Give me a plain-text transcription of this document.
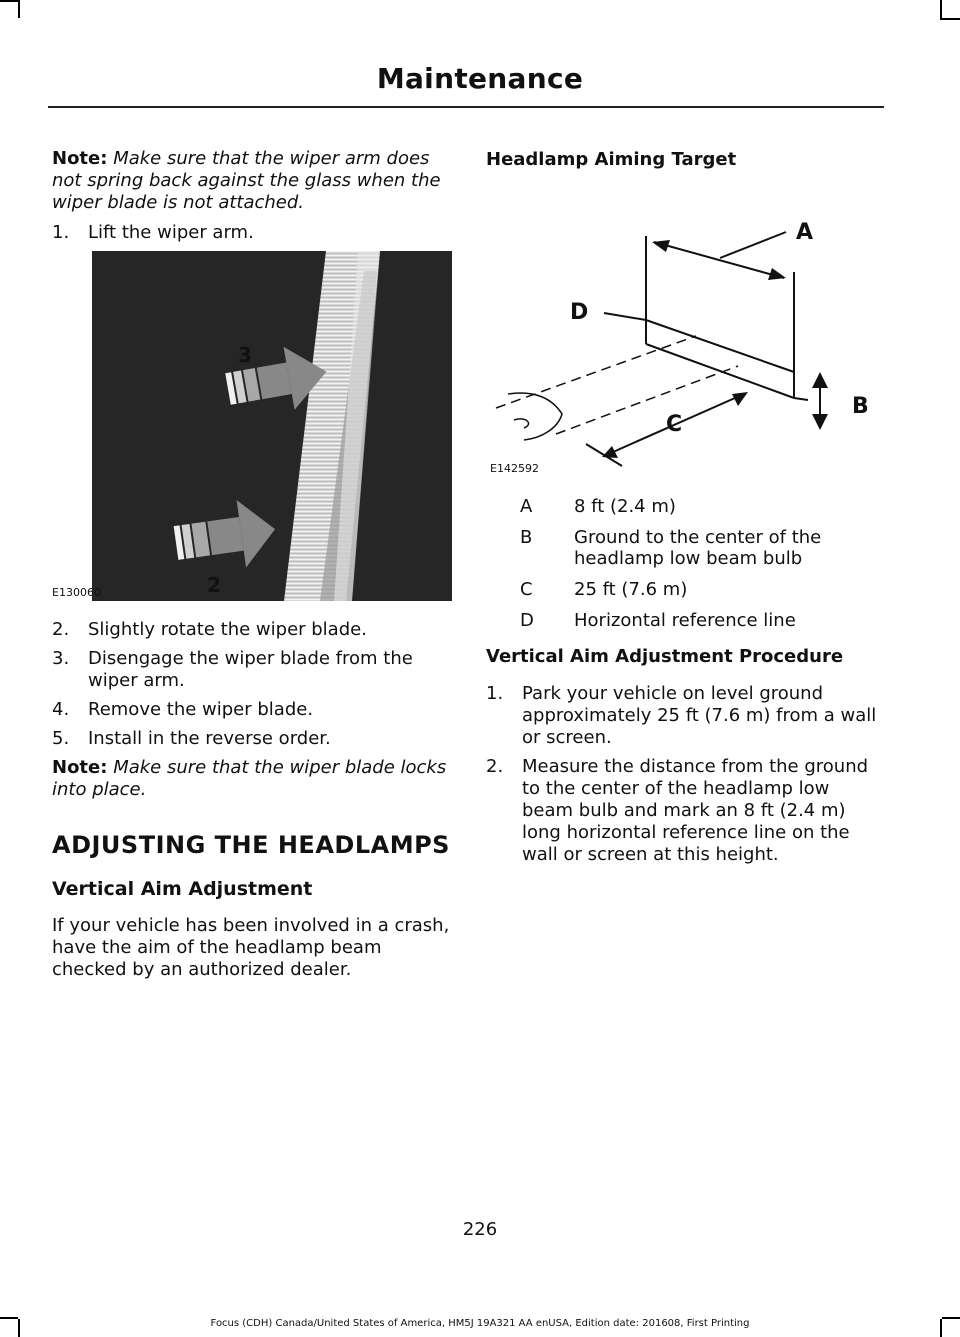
Maintenance

Note: Make sure that the wiper arm does not spring back against the glass when the wiper blade is not attached.

1. Lift the wiper arm.
3
2
E130060
2. Slightly rotate the wiper blade.
3. Disengage the wiper blade from the wiper arm.
4. Remove the wiper blade.
5. Install in the reverse order.

Note: Make sure that the wiper blade locks into place.

ADJUSTING THE HEADLAMPS
Vertical Aim Adjustment

If your vehicle has been involved in a crash, have the aim of the headlamp beam checked by an authorized dealer.

Headlamp Aiming Target
A
D
B
C
E142592
A	8 ft (2.4 m)
B	Ground to the center of the headlamp low beam bulb
C	25 ft (7.6 m)
D	Horizontal reference line
Vertical Aim Adjustment Procedure
1. Park your vehicle on level ground approximately 25 ft (7.6 m) from a wall or screen.
2. Measure the distance from the ground to the center of the headlamp low beam bulb and mark an 8 ft (2.4 m) long horizontal reference line on the wall or screen at this height.
226
Focus (CDH) Canada/United States of America, HM5J 19A321 AA enUSA, Edition date: 201608, First Printing
